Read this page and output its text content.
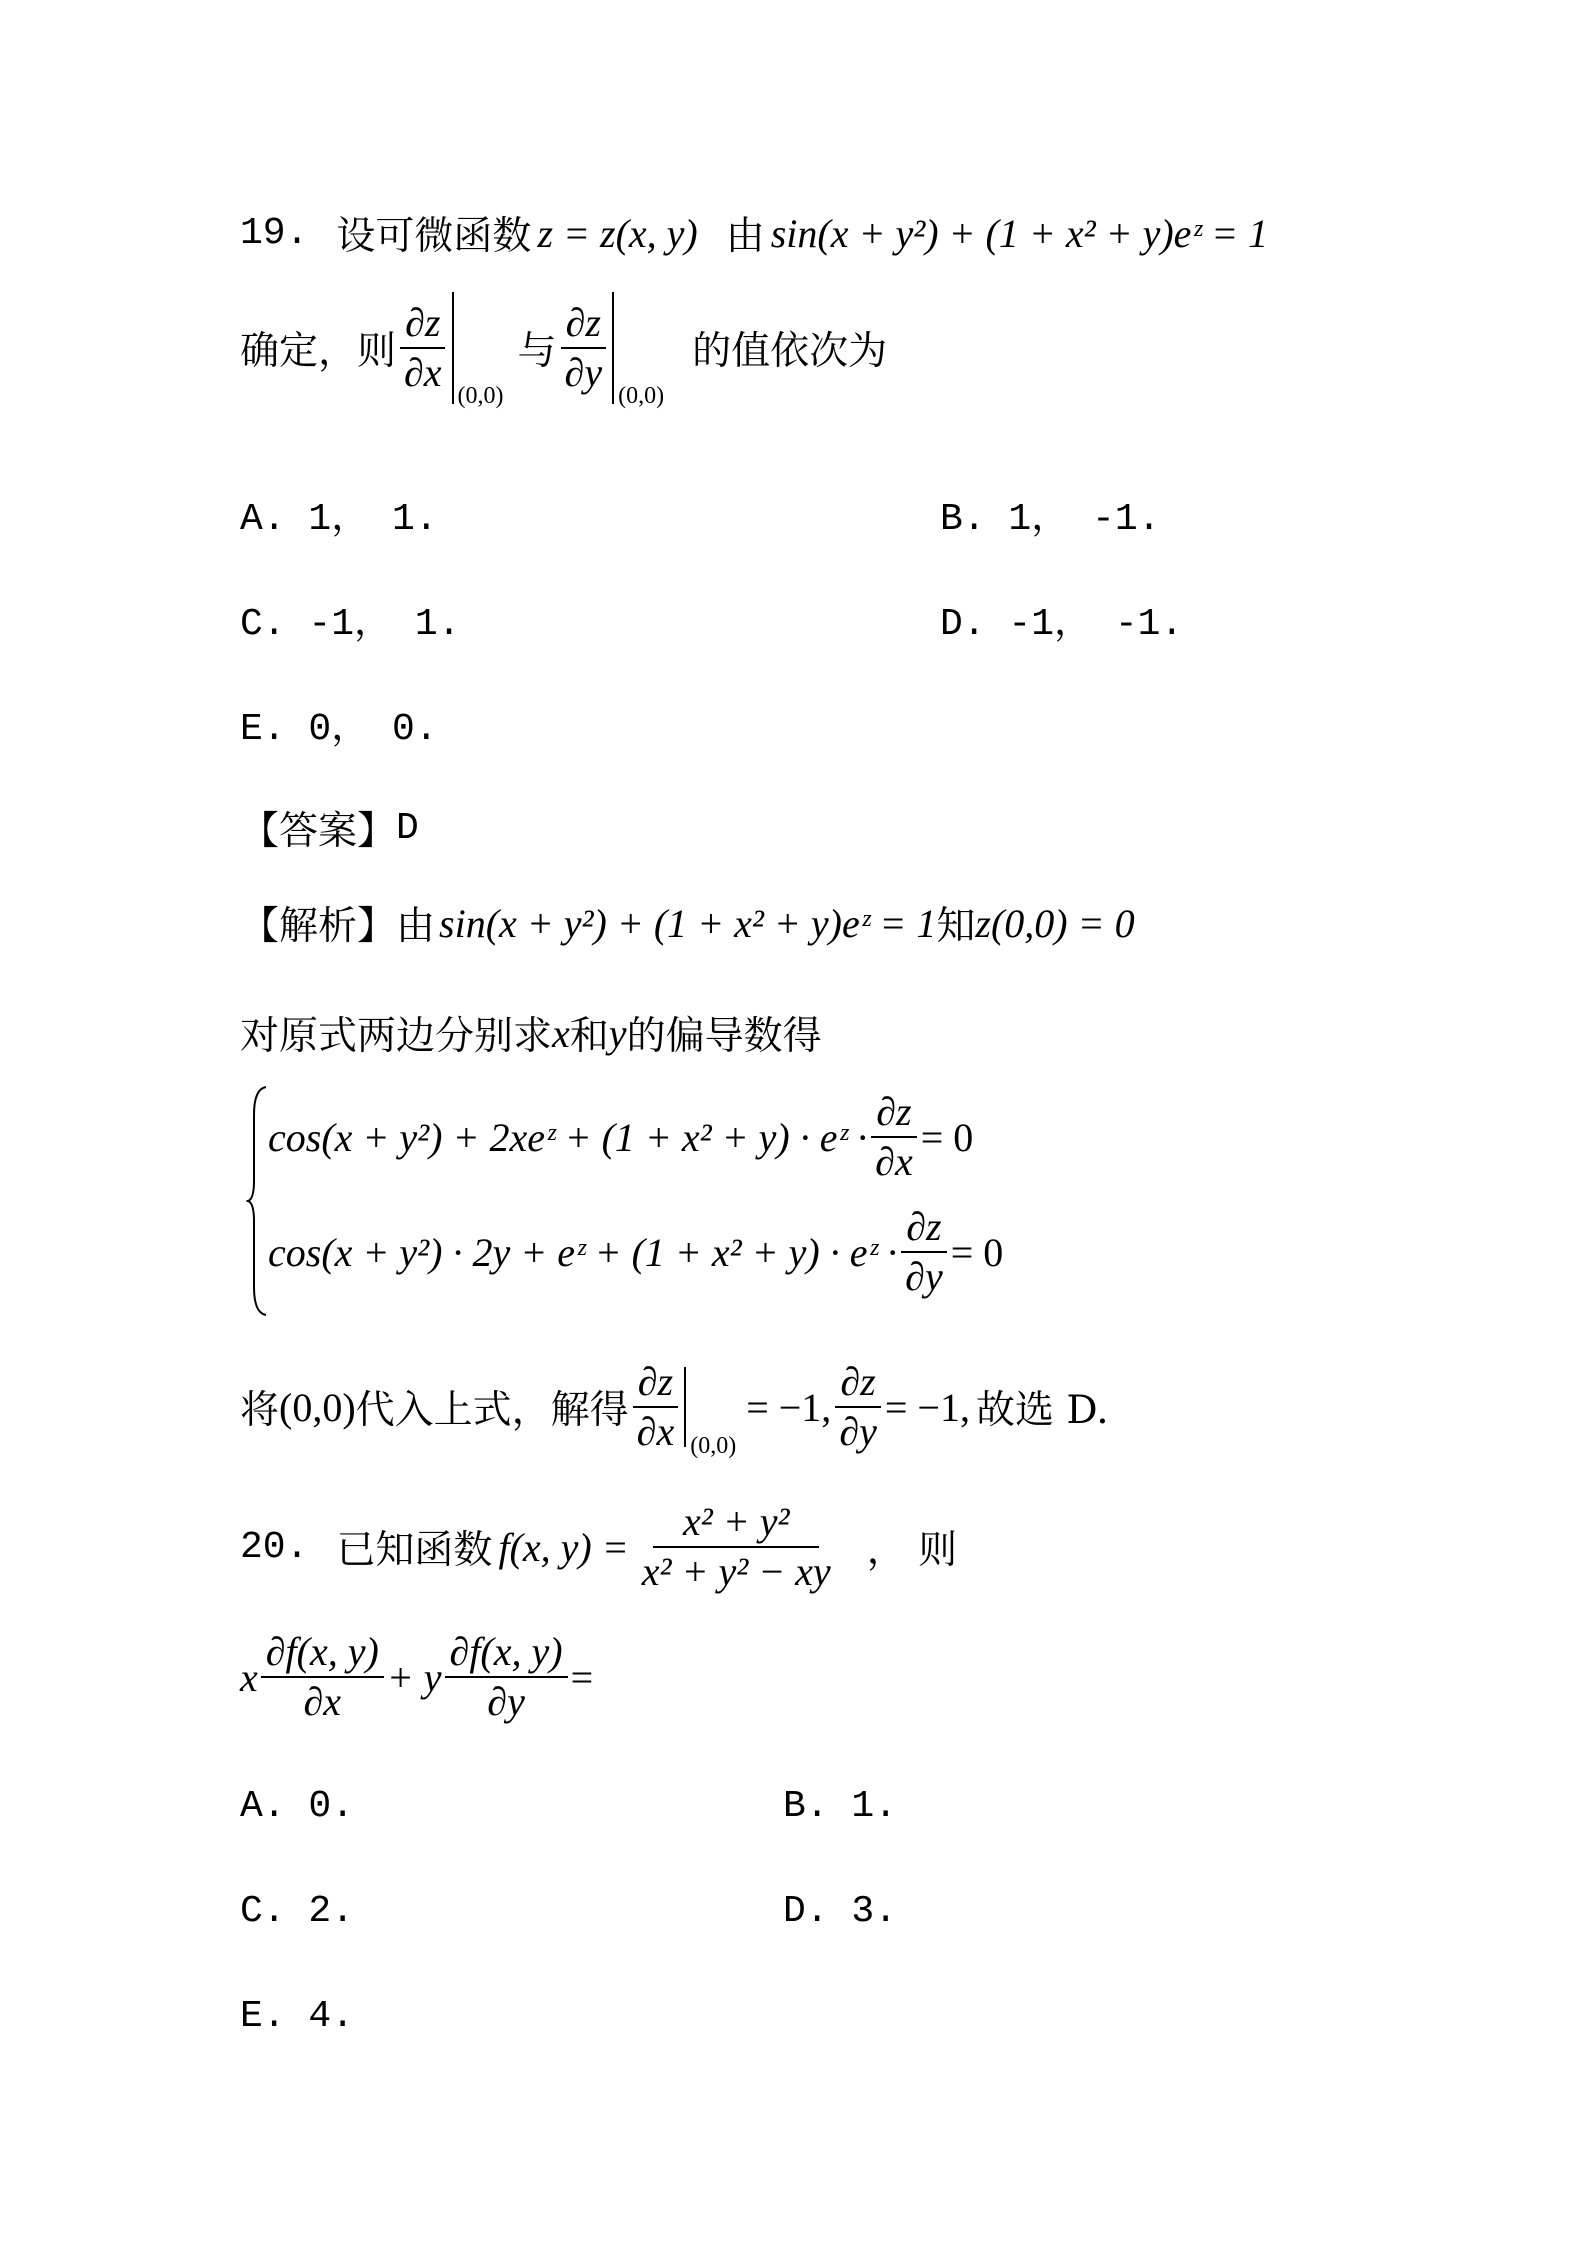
19. 设可微函数 z = z(x, y) 由 sin(x + y²) + (1 + x² + y)eᶻ = 1
确定，则 $\frac{\partial z}{\partial x}$
(0,0)
与 $\frac{\partial z}{\partial y}$
(0,0)
的值依次为
A. 1， 1.	B. 1， -1.
C. -1， 1.	D. -1， -1.
E. 0， 0.
【答案】 D
【解析】 由 sin(x + y²) + (1 + x² + y)eᶻ = 1 知 z(0,0) = 0
对原式两边分别求 x 和 y 的偏导数得
cos(x + y²) + 2xeᶻ + (1 + x² + y) · eᶻ · $\frac{\partial z}{\partial x} = 0$
cos(x + y²) · 2y + eᶻ + (1 + x² + y) · eᶻ · $\frac{\partial z}{\partial y} = 0$
将 (0,0) 代入上式，解得 $\frac{\partial z}{\partial x} (0,0)$
= −1, $\frac{\partial z}{\partial y} = -1$, 故选 D.
20. 已知函数 f(x, $y) = \frac{\text{x² + y²}}{\text{x² + y² − xy}}$ ， 则
x $\frac{\partial f(x, y)}{\partial x} + y \frac{\partial f(x, y)}{\partial y}$ =
A. 0.	B. 1.
C. 2.	D. 3.
E. 4.
